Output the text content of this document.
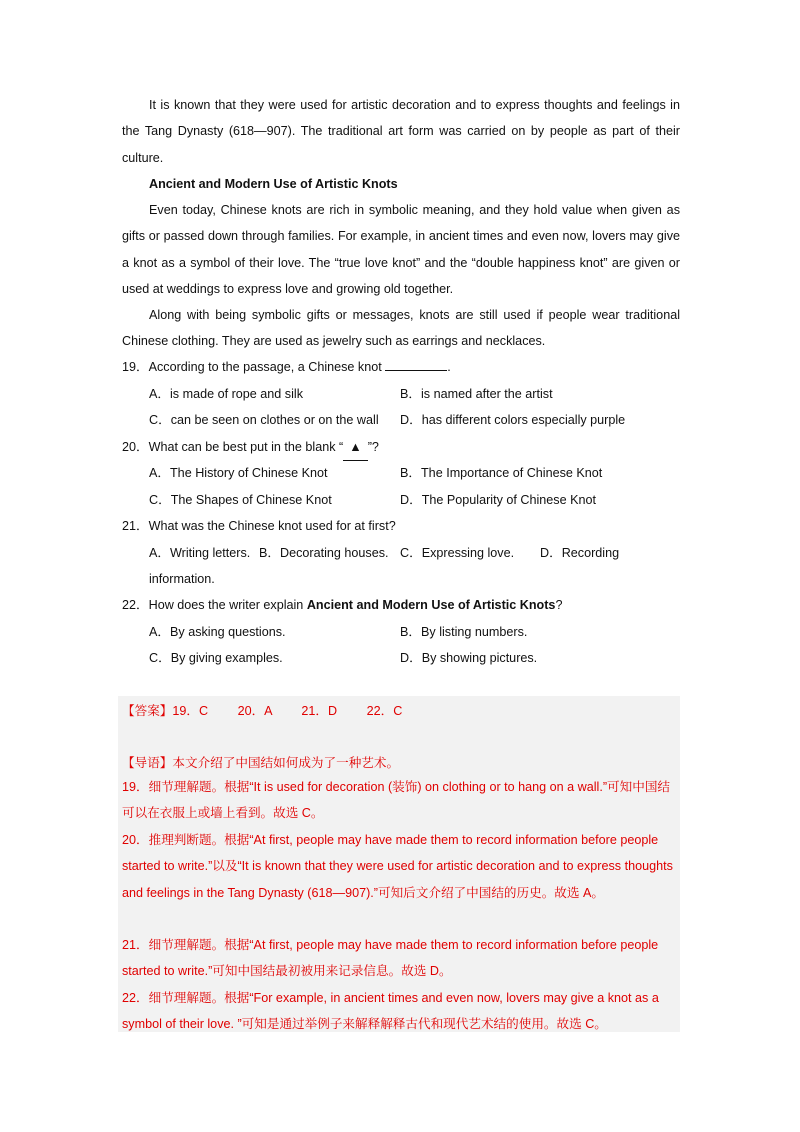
It is known that they were used for artistic decoration and to express thoughts and feelings in the Tang Dynasty (618—907). The traditional art form was carried on by people as part of their culture.

Ancient and Modern Use of Artistic Knots

Even today, Chinese knots are rich in symbolic meaning, and they hold value when given as gifts or passed down through families. For example, in ancient times and even now, lovers may give a knot as a symbol of their love. The “true love knot” and the “double happiness knot” are given or used at weddings to express love and growing old together.

Along with being symbolic gifts or messages, knots are still used if people wear traditional Chinese clothing. They are used as jewelry such as earrings and necklaces.

19．According to the passage, a Chinese knot	.
A．is made of rope and silk	B．is named after the artist
C．can be seen on clothes or on the wall D．has different colors especially purple
20．What can be best put in the blank “ ▲ ”?
A．The History of Chinese Knot	B．The Importance of Chinese Knot
C．The Shapes of Chinese Knot	D．The Popularity of Chinese Knot
21．What was the Chinese knot used for at first?
A．Writing letters. B．Decorating houses. C．Expressing love. D．Recording
information.
22．How does the writer explain Ancient and Modern Use of Artistic Knots?
A．By asking questions.	B．By listing numbers.
C．By giving examples.	D．By showing pictures.
【答案】19．C 20．A 21．D 22．C
【导语】本文介绍了中国结如何成为了一种艺术。

19．细节理解题。根据“It is used for decoration (装饰) on clothing or to hang on a wall.”可知中国结可以在衣服上或墙上看到。故选 C。

20．推理判断题。根据“At first, people may have made them to record information before people started to write.”以及“It is known that they were used for artistic decoration and to express thoughts and feelings in the Tang Dynasty (618—907).”可知后文介绍了中国结的历史。故选 A。

21．细节理解题。根据“At first, people may have made them to record information before people started to write.”可知中国结最初被用来记录信息。故选 D。

22．细节理解题。根据“For example, in ancient times and even now, lovers may give a knot as a symbol of their love. ”可知是通过举例子来解释解释古代和现代艺术结的使用。故选 C。
